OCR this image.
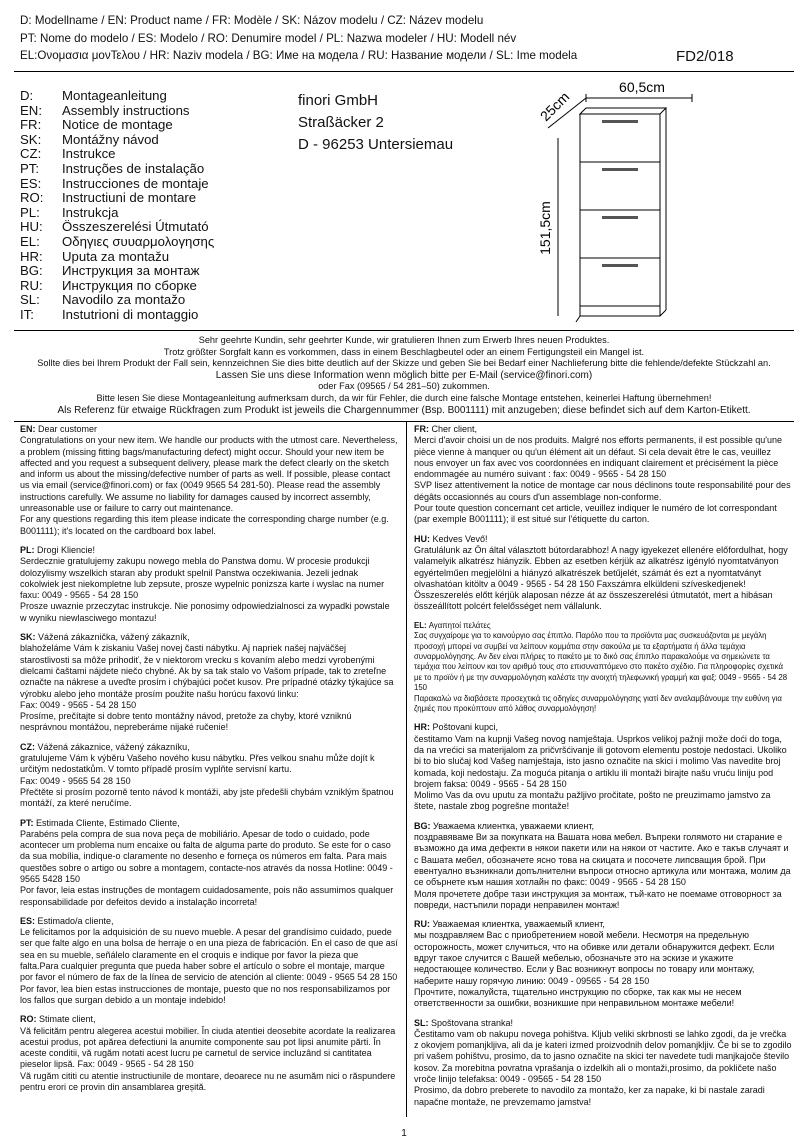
D: Modellname / EN: Product name / FR: Modèle / SK: Názov modelu / CZ: Název modelu
PT: Nome do modelo / ES: Modelo / RO: Denumire model / PL: Nazwa modeler / HU: Modell név
EL:Ονομασια μονΤελου / HR: Naziv modela / BG: Име на модела / RU: Название модели / SL: Ime modela	FD2/018
D: Montageanleitung
EN: Assembly instructions
FR: Notice de montage
SK: Montážny návod
CZ: Instrukce
PT: Instruções de instalação
ES: Instrucciones de montaje
RO: Instructiuni de montare
PL: Instrukcja
HU: Összeszerelési Útmutató
EL: Οδηγιες συυαρμολογησης
HR: Uputa za montažu
BG: Инструкция за монтаж
RU: Инструкция по сборке
SL: Navodilo za montažo
IT: Instutrioni di montaggio
finori GmbH
Straßäcker 2
D - 96253 Untersiemau
60,5cm
25cm
151,5cm
Sehr geehrte Kundin, sehr geehrter Kunde, wir gratulieren Ihnen zum Erwerb Ihres neuen Produktes.
Trotz größter Sorgfalt kann es vorkommen, dass in einem Beschlagbeutel oder an einem Fertigungsteil ein Mangel ist.
Sollte dies bei Ihrem Produkt der Fall sein, kennzeichnen Sie dies bitte deutlich auf der Skizze und geben Sie bei Bedarf einer Nachlieferung bitte die fehlende/defekte Stückzahl an.
Lassen Sie uns diese Information wenn möglich bitte per E-Mail (service@finori.com)
oder Fax (09565 / 54 281–50) zukommen.
Bitte lesen Sie diese Montageanleitung aufmerksam durch, da wir für Fehler, die durch eine falsche Montage entstehen, keinerlei Haftung übernehmen!
Als Referenz für etwaige Rückfragen zum Produkt ist jeweils die Chargennummer (Bsp. B001111) mit anzugeben; diese befindet sich auf dem Karton-Etikett.

EN: Dear customer

Congratulations on your new item. We handle our products with the utmost care. Nevertheless, a problem (missing fitting bags/manufacturing defect) might occur. Should your new item be affected and you request a subsequent delivery, please mark the defect clearly on the sketch and inform us about the missing/defective number of parts as well. If possible, please contact us via email (service@finori.com) or fax (0049 9565 54 281-50). Please read the assembly instructions carefully. We assume no liability for damages caused by incorrect assembly, unreasonable use or failure to carry out maintenance.

For any questions regarding this item please indicate the corresponding charge number (e.g. B001111); it's located on the cardboard box label.

PL: Drogi Kliencie!

Serdecznie gratulujemy zakupu nowego mebla do Panstwa domu. W procesie produkcji dolozylismy wszelkich staran aby produkt spelnil Panstwa oczekiwania. Jezeli jednak cokolwiek jest niekompletne lub zepsute, prosze wypelnic ponizsza karte i wyslac na numer faxu: 0049 - 9565 - 54 28 150

Prosze uwaznie przeczytac instrukcje. Nie ponosimy odpowiedzialnosci za wypadki powstale w wyniku niewlasciwego montazu!

SK: Vážená zákaznička, vážený zákazník,

blahoželáme Vám k ziskaniu Vašej novej časti nábytku. Aj napriek našej najväčšej starostlivosti sa môže prihodiť, že v niektorom vrecku s kovaním alebo medzi vyrobenými dielcami čaštami nájdete niečo chybné. Ak by sa tak stalo vo Vašom prípade, tak to zreteľne označte na nákrese a uveďte prosím i chýbajúci počet kusov. Pre prípadné otázky týkajúce sa výrobku alebo jeho montáže prosím použite našu horúcu faxovú linku:

Fax: 0049 - 9565 - 54 28 150

Prosíme, prečítajte si dobre tento montážny návod, pretože za chyby, ktoré vzniknú nesprávnou montážou, nepreberáme nijaké ručenie!

CZ: Vážená zákaznice, vážený zákazníku,

gratulujeme Vám k výběru Vašeho nového kusu nábytku. Přes velkou snahu může dojít k určitým nedostatkům. V tomto případě prosím vyplňte servisní kartu.

Fax: 0049 - 9565 54 28 150

Přečtěte si prosím pozorně tento návod k montáži, aby jste předešli chybám vzniklým špatnou montáží, za které neručíme.

PT: Estimada Cliente, Estimado Cliente,

Parabéns pela compra de sua nova peça de mobiliário. Apesar de todo o cuidado, pode acontecer um problema num encaixe ou falta de alguma parte do produto. Se este for o caso da sua mobília, indique-o claramente no desenho e forneça os números em falta. Para mais questões sobre o artigo ou sobre a montagem, contacte-nos através da nossa Hotline: 0049 - 9565 5428 150

Por favor, leia estas instruções de montagem cuidadosamente, pois não assumimos qualquer responsabilidade por defeitos devido a instalação incorreta!

ES: Estimado/a cliente,

Le felicitamos por la adquisición de su nuevo mueble. A pesar del grandísimo cuidado, puede ser que falte algo en una bolsa de herraje o en una pieza de fabricación. En el caso de que así sea en su mueble, señálelo claramente en el croquis e indique por favor la pieza que falta.Para cualquier pregunta que pueda haber sobre el artículo o sobre el montaje, marque por favor el número de fax de la línea de servicio de atención al cliente: 0049 - 9565 54 28 150

Por favor, lea bien estas instrucciones de montaje, puesto que no nos responsabilizamos por los fallos que surgan debido a un montaje indebido!

RO: Stimate client,

Vă felicităm pentru alegerea acestui mobilier. În ciuda atentiei deosebite acordate la realizarea acestui produs, pot apărea defectiuni la anumite componente sau pot lipsi anumite părti. În aceste conditii, vă rugăm notati acest lucru pe carnetul de service incluzând si cantitatea pieselor lipsă. Fax: 0049 - 9565 - 54 28 150

Vă rugăm cititi cu atentie instructiunile de montare, deoarece nu ne asumăm nici o răspundere pentru erori ce provin din ansamblarea greșită.

FR: Cher client,

Merci d'avoir choisi un de nos produits. Malgré nos efforts permanents, il est possible qu'une pièce vienne à manquer ou qu'un élément ait un défaut. Si cela devait être le cas, veuillez nous envoyer un fax avec vos coordonnées en indiquant clairement et précisément la pièce endommagée au numéro suivant : fax: 0049 - 9565 - 54 28 150

SVP lisez attentivement la notice de montage car nous déclinons toute responsabilité pour des dégâts occasionnés au cours d'un assemblage non-conforme.

Pour toute question concernant cet article, veuillez indiquer le numéro de lot correspondant (par exemple B001111); il est situé sur l'étiquette du carton.

HU: Kedves Vevő!

Gratulálunk az Ön által választott bútordarabhoz! A nagy igyekezet ellenére előfordulhat, hogy valamelyik alkatrész hiányzik. Ebben az esetben kérjük az alkatrész igényló nyomtatványon egyértelműen megjelölni a hiányzó alkatrészek betűjelét, számát és ezt a nyomtatványt olvashatóan kitöltv a 0049 - 9565 - 54 28 150 Faxszámra elküldeni szíveskedjenek!

Összeszerelés előtt kérjük alaposan nézze át az összeszerelési útmutatót, mert a hibásan összeállított polcért felelősséget nem vállalunk.

EL: Αγαπητοί πελάτες

Σας συγχαίρομε για το καινούργιο σας έπιπλο. Παρόλο που τα προϊόντα μας συσκευάζονται με μεγάλη προσοχή μπορεί να συμβεί να λείπουν κομμάτια στην σακούλα με τα εξαρτήματα ή άλλα τεμάχια συναρμολόγησης. Αν δεν είναι πλήρες το πακέτο με το δικό σας έπιπλο παρακαλούμε να σημειώνετε τα τεμάχια που λείπουν και τον αριθμό τους στο επισυναπτόμενο στο πακέτο σχέδιο. Για πληροφορίες σχετικά με το προϊόν ή με την συναρμολόγηση καλέστε την ανοιχτή τηλεφωνική γραμμή και φαξ: 0049 - 9565 - 54 28 150

Παρακαλώ να διαβάσετε προσεχτικά τις οδηγίες συναρμολόγησης γιατί δεν αναλαμβάνουμε την ευθύνη για ζημιές που προκύπτουν από λάθος συναρμολόγηση!

HR: Poštovani kupci,

čestitamo Vam na kupnji Vašeg novog namještaja. Usprkos velikoj pažnji može doći do toga, da na vrećici sa materijalom za pričvršćivanje ili gotovom elementu postoje nedostaci. Ukoliko bi to bio slučaj kod Vašeg namještaja, isto jasno označite na skici i molimo Vas navedite broj komada, koji nedostaju. Za moguća pitanja o artiklu ili montaži birajte našu vruću liniju pod brojem faksa: 0049 - 9565 - 54 28 150

Molimo Vas da ovu uputu za montažu pažljivo pročitate, pošto ne preuzimamo jamstvo za štete, nastale zbog pogrešne montaže!

BG: Уважаема клиентка, уважаеми клиент,

поздравяваме Ви за покупката на Вашата нова мебел. Въпреки голямото ни старание е възможно да има дефекти в някои пакети или на някои от частите. Ако е такъв случаят и с Вашата мебел, обозначете ясно това на скицата и посочете липсващия брой. При евентуално възникнали допълнителни въпроси относно артикула или монтажа, молим да се обърнете към нашия хотлайн по факс: 0049 - 9565 - 54 28 150

Моля прочетете добре тази инструкция за монтаж, тъй-като не поемаме отговорност за повреди, настъпили поради неправилен монтаж!

RU: Уважаемая клиентка, уважаемый клиент,

мы поздравляем Вас с приобретением новой мебели. Несмотря на предельную осторожность, может случиться, что на обивке или детали обнаружится дефект. Если вдруг такое случится с Вашей мебелью, обозначьте это на эскизе и укажите недостающее количество. Если у Вас возникнут вопросы по товару или монтажу, наберите нашу горячую линию: 0049 - 09565 - 54 28 150

Прочтите, пожалуйста, тщательно инструкцию по сборке, так как мы не несем ответственности за ошибки, возникшие при неправильном монтаже мебели!

SL: Spoštovana stranka!

Čestitamo vam ob nakupu novega pohištva. Kljub veliki skrbnosti se lahko zgodi, da je vrečka z okovjem pomanjkljiva, ali da je kateri izmed proizvodnih delov pomanjkljiv. Če bi se to zgodilo pri vašem pohištvu, prosimo, da to jasno označite na skici ter navedete tudi manjkajoče število kosov. Za morebitna povratna vprašanja o izdelkih ali o montaži,prosimo, da pokličete našo vroče linijo telefaksa: 0049 - 09565 - 54 28 150

Prosimo, da dobro preberete to navodilo za montažo, ker za napake, ki bi nastale zaradi napačne montaže, ne prevzemamo jamstva!

1
